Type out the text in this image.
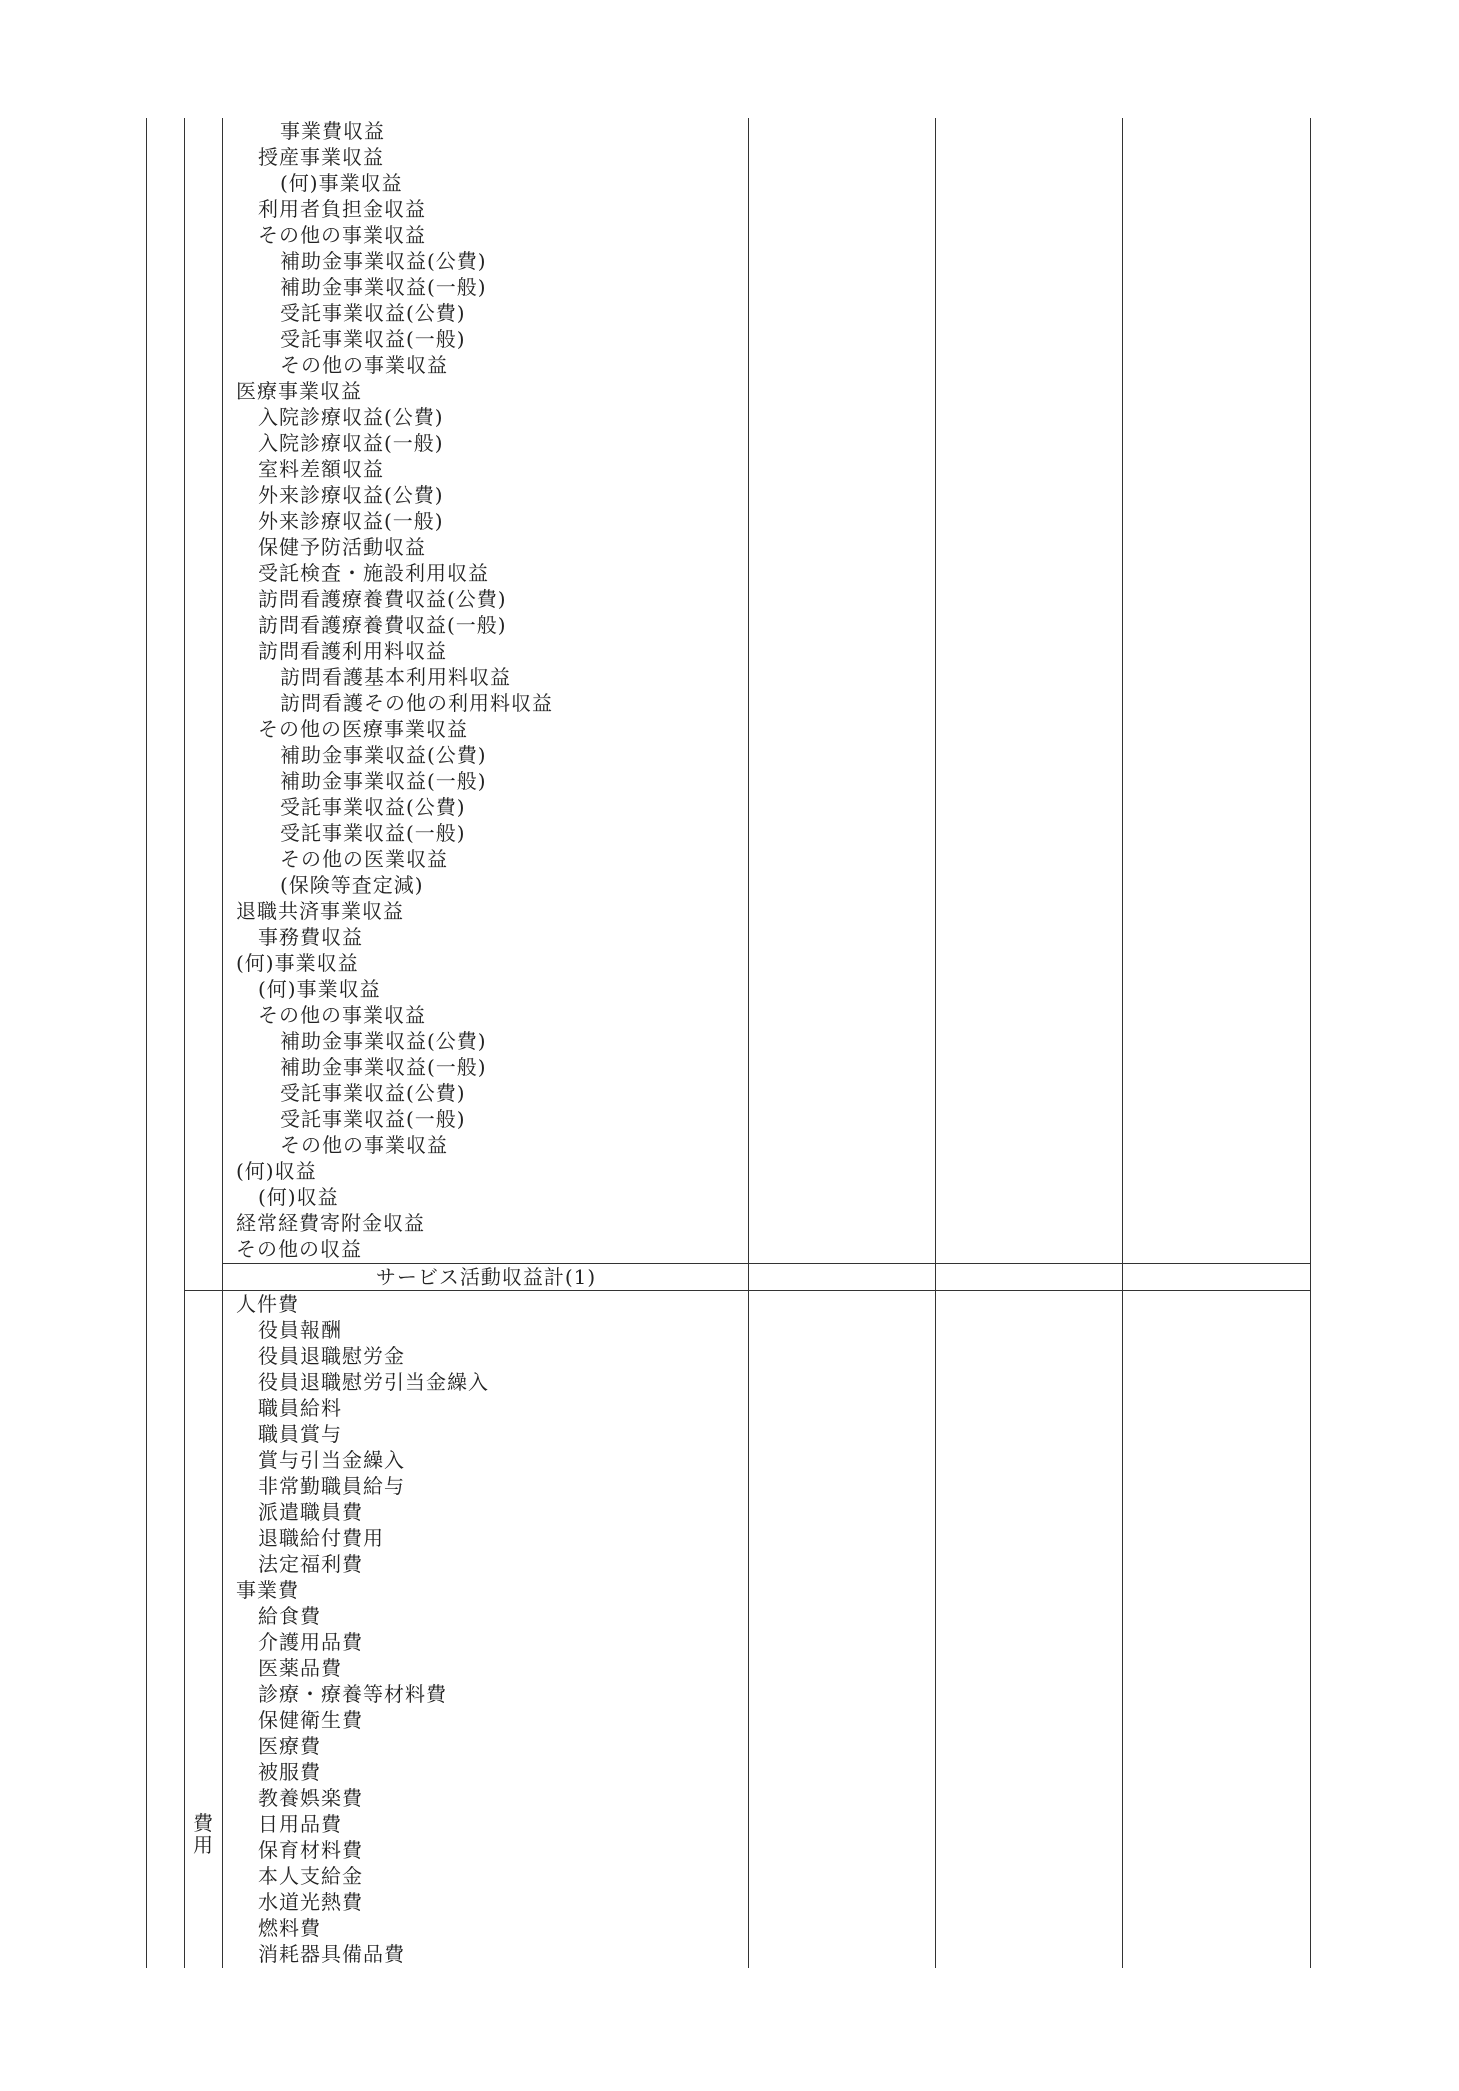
事業費収益
授産事業収益
(何)事業収益
利用者負担金収益
その他の事業収益
補助金事業収益(公費)
補助金事業収益(一般)
受託事業収益(公費)
受託事業収益(一般)
その他の事業収益
医療事業収益
入院診療収益(公費)
入院診療収益(一般)
室料差額収益
外来診療収益(公費)
外来診療収益(一般)
保健予防活動収益
受託検査・施設利用収益
訪問看護療養費収益(公費)
訪問看護療養費収益(一般)
訪問看護利用料収益
訪問看護基本利用料収益
訪問看護その他の利用料収益
その他の医療事業収益
補助金事業収益(公費)
補助金事業収益(一般)
受託事業収益(公費)
受託事業収益(一般)
その他の医業収益
(保険等査定減)
退職共済事業収益
事務費収益
(何)事業収益
(何)事業収益
その他の事業収益
補助金事業収益(公費)
補助金事業収益(一般)
受託事業収益(公費)
受託事業収益(一般)
その他の事業収益
(何)収益
(何)収益
経常経費寄附金収益
その他の収益
サービス活動収益計(1)
費
用
人件費
役員報酬
役員退職慰労金
役員退職慰労引当金繰入
職員給料
職員賞与
賞与引当金繰入
非常勤職員給与
派遣職員費
退職給付費用
法定福利費
事業費
給食費
介護用品費
医薬品費
診療・療養等材料費
保健衛生費
医療費
被服費
教養娯楽費
日用品費
保育材料費
本人支給金
水道光熱費
燃料費
消耗器具備品費
